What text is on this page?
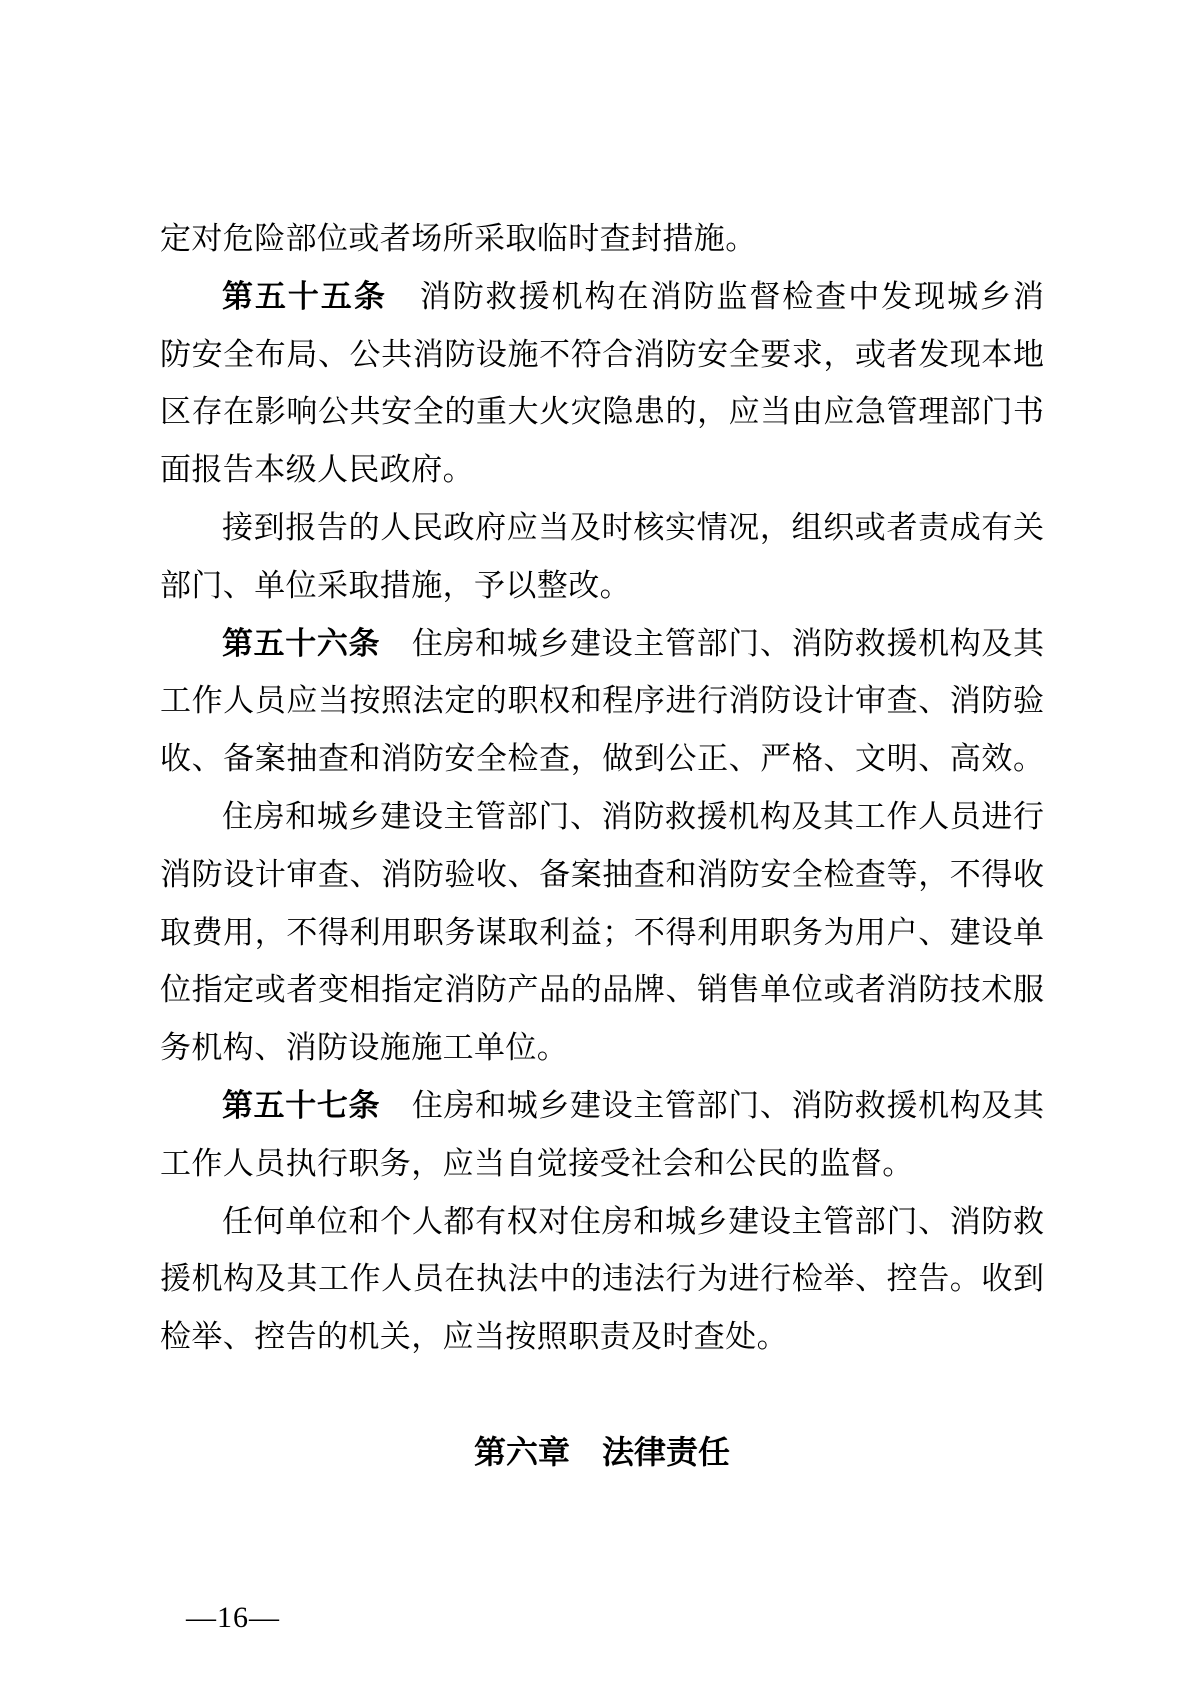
定对危险部位或者场所采取临时查封措施。
第五十五条　消防救援机构在消防监督检查中发现城乡消
防安全布局、公共消防设施不符合消防安全要求，或者发现本地
区存在影响公共安全的重大火灾隐患的，应当由应急管理部门书
面报告本级人民政府。
接到报告的人民政府应当及时核实情况，组织或者责成有关
部门、单位采取措施，予以整改。
第五十六条　住房和城乡建设主管部门、消防救援机构及其
工作人员应当按照法定的职权和程序进行消防设计审查、消防验
收、备案抽查和消防安全检查，做到公正、严格、文明、高效。
住房和城乡建设主管部门、消防救援机构及其工作人员进行
消防设计审查、消防验收、备案抽查和消防安全检查等，不得收
取费用，不得利用职务谋取利益；不得利用职务为用户、建设单
位指定或者变相指定消防产品的品牌、销售单位或者消防技术服
务机构、消防设施施工单位。
第五十七条　住房和城乡建设主管部门、消防救援机构及其
工作人员执行职务，应当自觉接受社会和公民的监督。
任何单位和个人都有权对住房和城乡建设主管部门、消防救
援机构及其工作人员在执法中的违法行为进行检举、控告。收到
检举、控告的机关，应当按照职责及时查处。
第六章　法律责任
—16—
